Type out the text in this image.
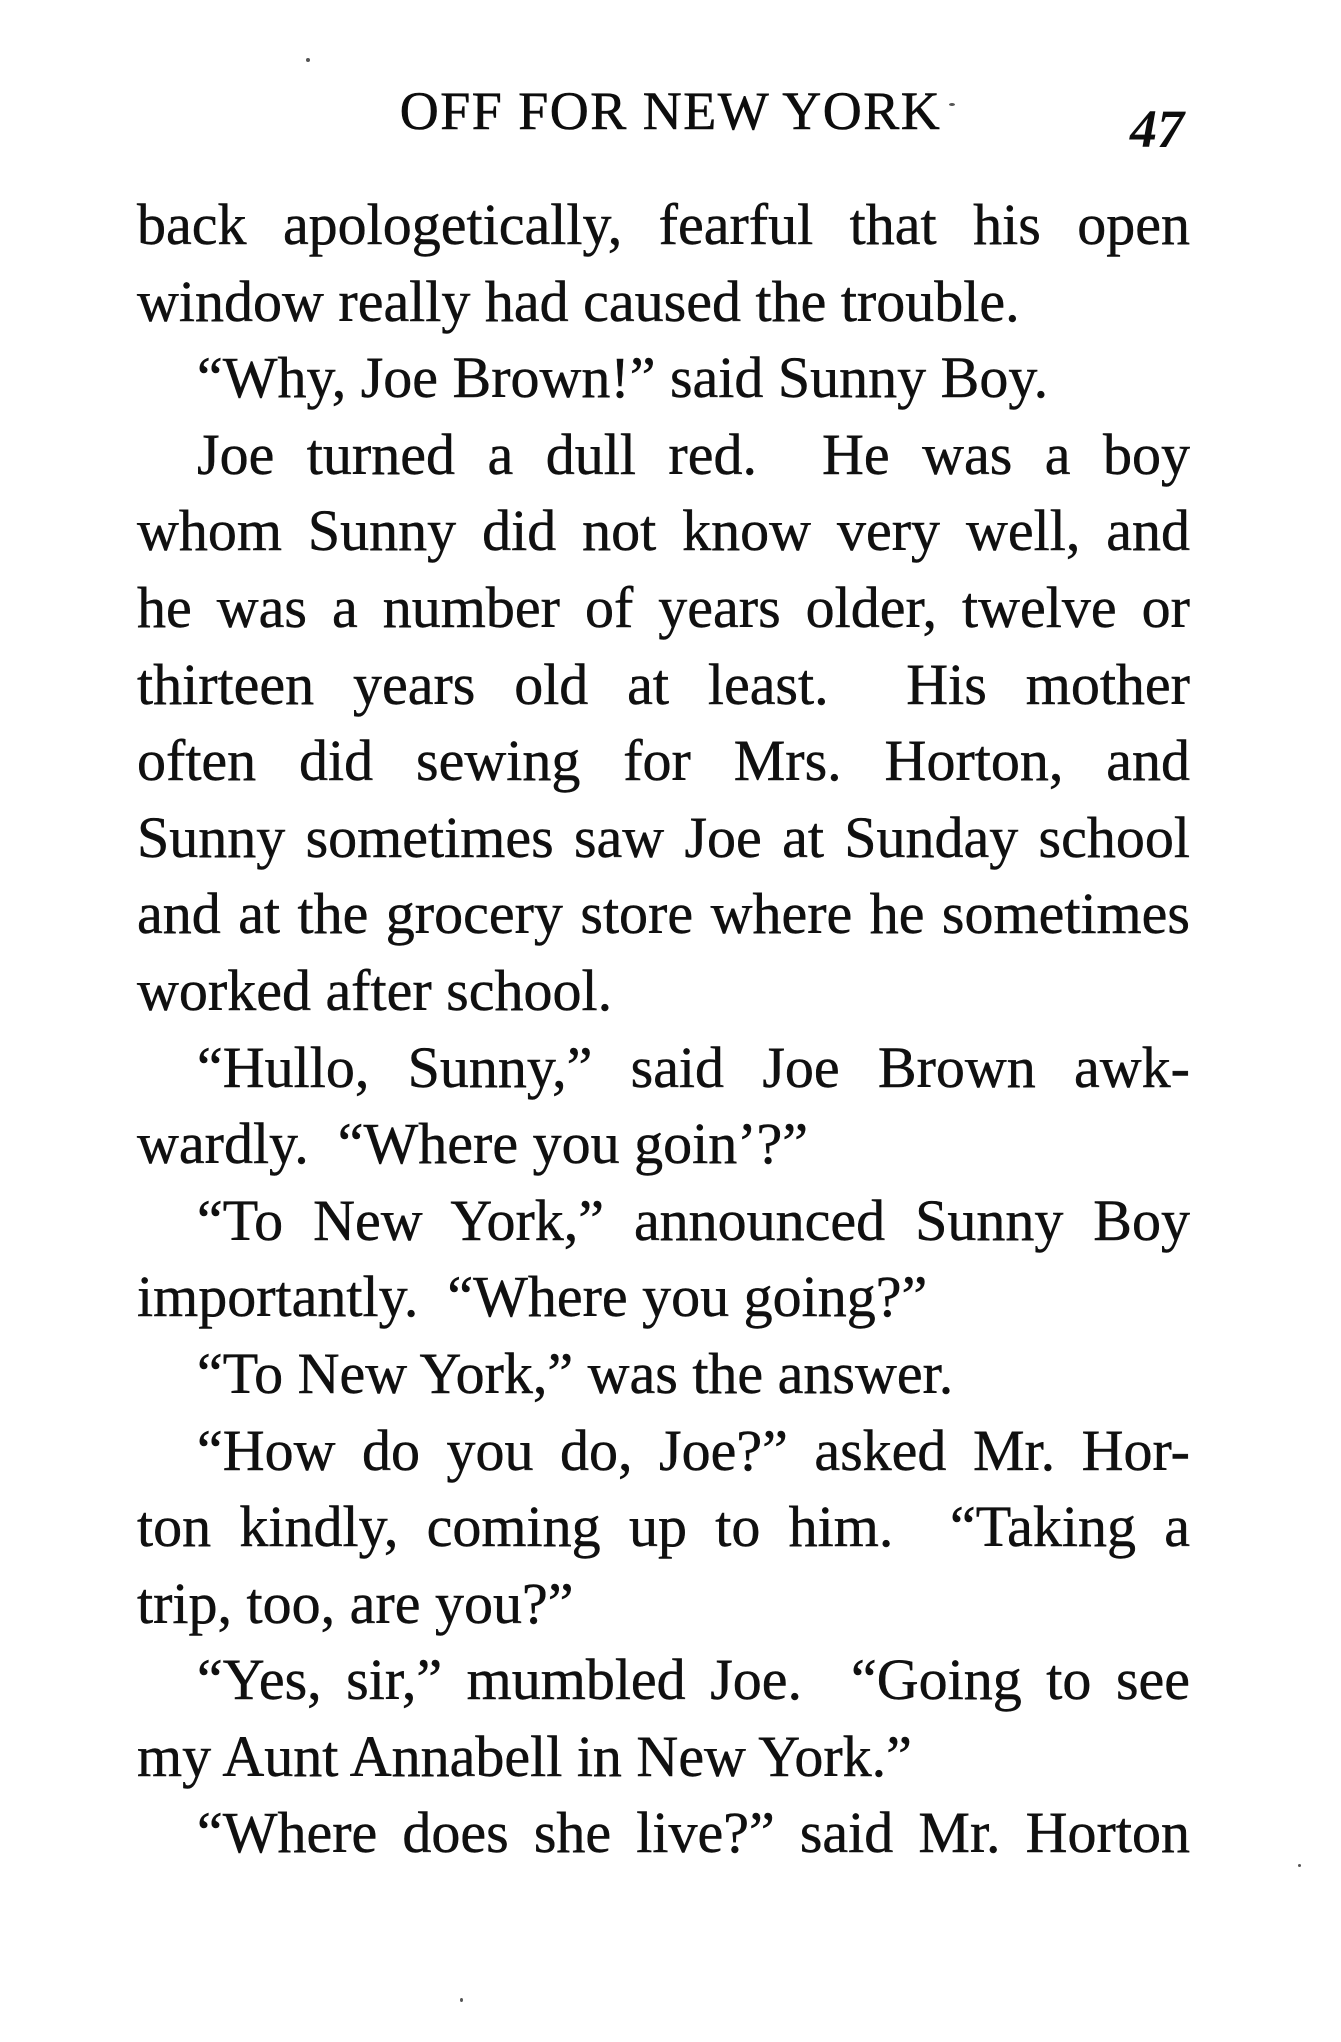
OFF FOR NEW YORK	47
back apologetically, fearful that his open
window really had caused the trouble.
“Why, Joe Brown!” said Sunny Boy.
Joe turned a dull red.  He was a boy
whom Sunny did not know very well, and
he was a number of years older, twelve or
thirteen years old at least.  His mother
often did sewing for Mrs. Horton, and
Sunny sometimes saw Joe at Sunday school
and at the grocery store where he sometimes
worked after school.
“Hullo, Sunny,” said Joe Brown awk-
wardly.  “Where you goin’?”
“To New York,” announced Sunny Boy
importantly.  “Where you going?”
“To New York,” was the answer.
“How do you do, Joe?” asked Mr. Hor-
ton kindly, coming up to him.  “Taking a
trip, too, are you?”
“Yes, sir,” mumbled Joe.  “Going to see
my Aunt Annabell in New York.”
“Where does she live?” said Mr. Horton
